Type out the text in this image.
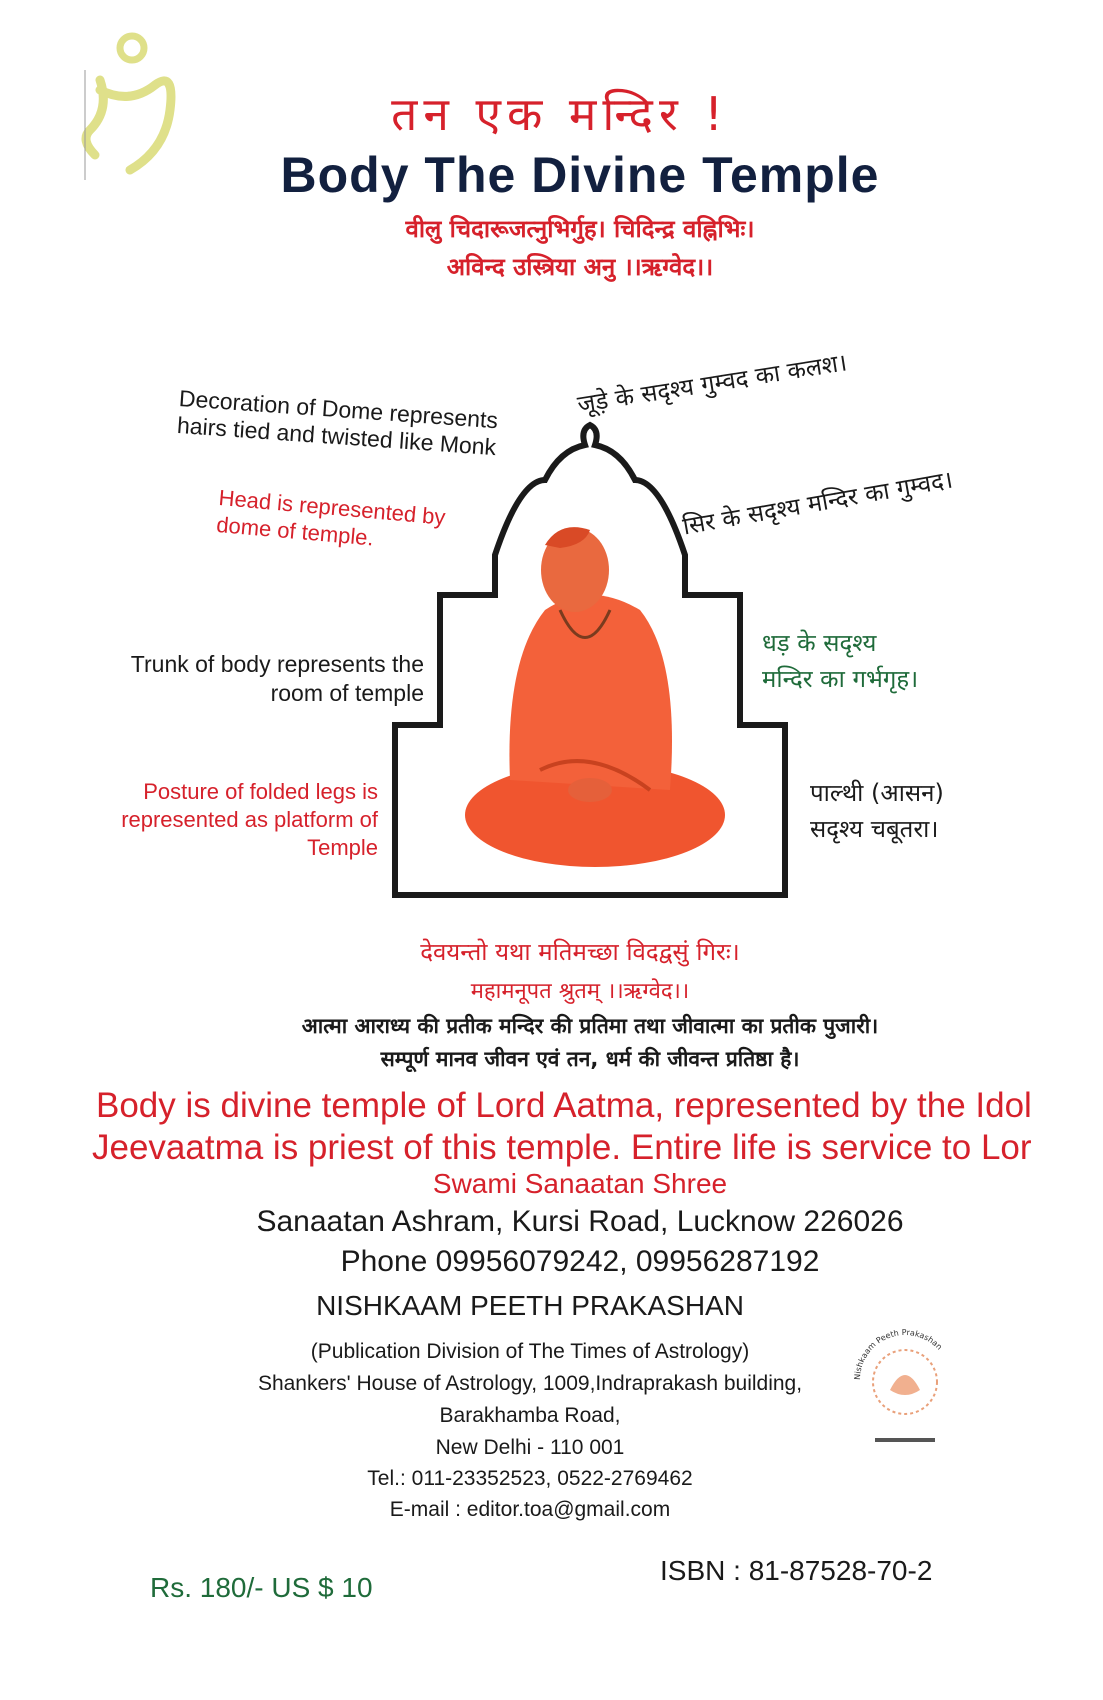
तन एक मन्दिर !
Body The Divine Temple
वीलु चिदारूजत्नुभिर्गुह। चिदिन्द्र वह्निभिः।
अविन्द उस्त्रिया अनु ।।ऋग्वेद।।
Decoration of Dome represents hairs tied and twisted like Monk
जूड़े के सदृश्य गुम्वद का कलश।
Head is represented by dome of temple.	सिर के सदृश्य मन्दिर का गुम्वद।
Trunk of body represents the room of temple
धड़ के सदृश्य
मन्दिर का गर्भगृह।
Posture of folded legs is represented as platform of Temple
पाल्थी (आसन)
सदृश्य चबूतरा।
देवयन्तो यथा मतिमच्छा विदद्वसुं गिरः।
महामनूपत श्रुतम् ।।ऋग्वेद।।
आत्मा आराध्य की प्रतीक मन्दिर की प्रतिमा तथा जीवात्मा का प्रतीक पुजारी।
सम्पूर्ण मानव जीवन एवं तन, धर्म की जीवन्त प्रतिष्ठा है।
Body is divine temple of Lord Aatma, represented by the Idol
Jeevaatma is priest of this temple. Entire life is service to Lor
Swami Sanaatan Shree
Sanaatan Ashram, Kursi Road, Lucknow 226026
Phone 09956079242, 09956287192
NISHKAAM PEETH PRAKASHAN
(Publication Division of The Times of Astrology)
Shankers' House of Astrology, 1009,Indraprakash building,
Barakhamba Road,
New Delhi - 110 001
Tel.: 011-23352523, 0522-2769462
E-mail : editor.toa@gmail.com
Nishkaam Peeth Prakashan
Rs. 180/- US $ 10
ISBN : 81-87528-70-2
